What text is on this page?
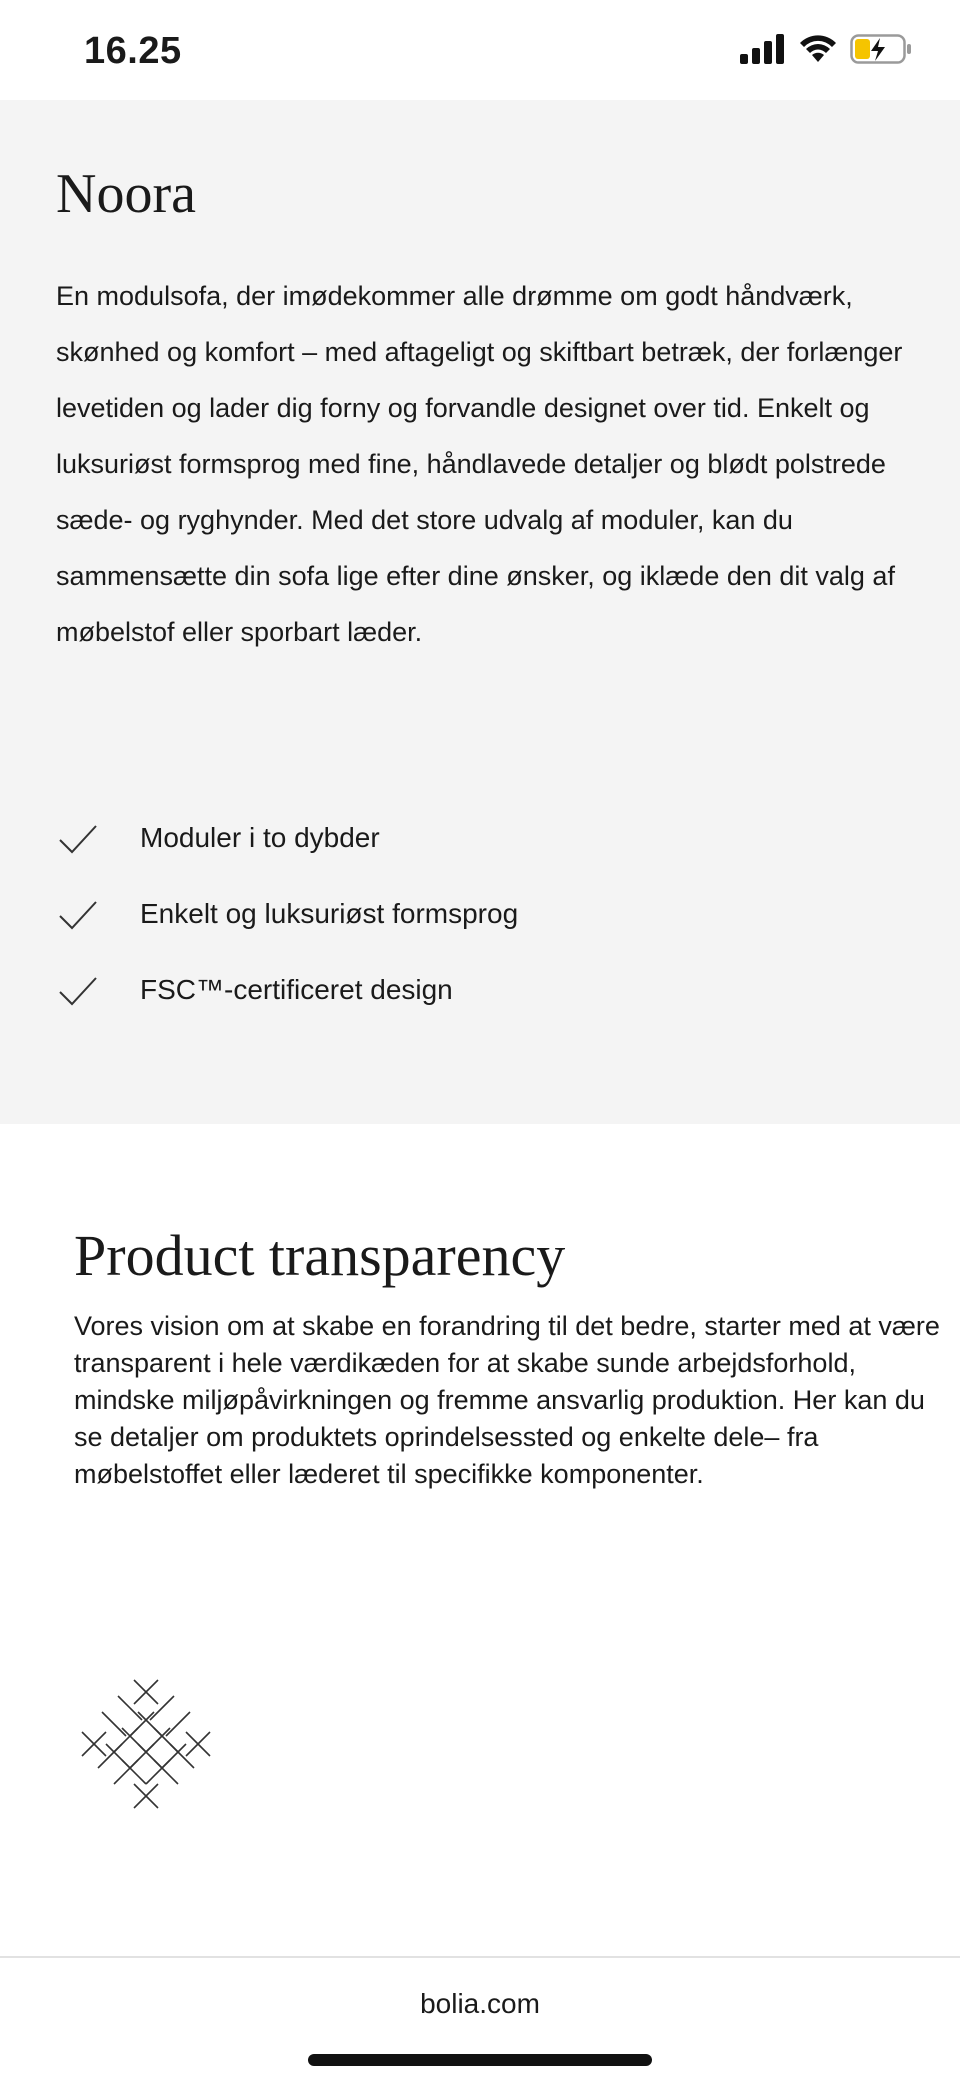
16.25
Noora

En modulsofa, der imødekommer alle drømme om godt håndværk, skønhed og komfort – med aftageligt og skiftbart betræk, der forlænger levetiden og lader dig forny og forvandle designet over tid. Enkelt og luksuriøst formsprog med fine, håndlavede detaljer og blødt polstrede sæde- og ryghynder. Med det store udvalg af moduler, kan du sammensætte din sofa lige efter dine ønsker, og iklæde den dit valg af møbelstof eller sporbart læder.

Moduler i to dybder
Enkelt og luksuriøst formsprog
FSC™-certificeret design
Product transparency

Vores vision om at skabe en forandring til det bedre, starter med at være transparent i hele værdikæden for at skabe sunde arbejdsforhold, mindske miljøpåvirkningen og fremme ansvarlig produktion. Her kan du se detaljer om produktets oprindelsessted og enkelte dele– fra møbelstoffet eller læderet til specifikke komponenter.

bolia.com
